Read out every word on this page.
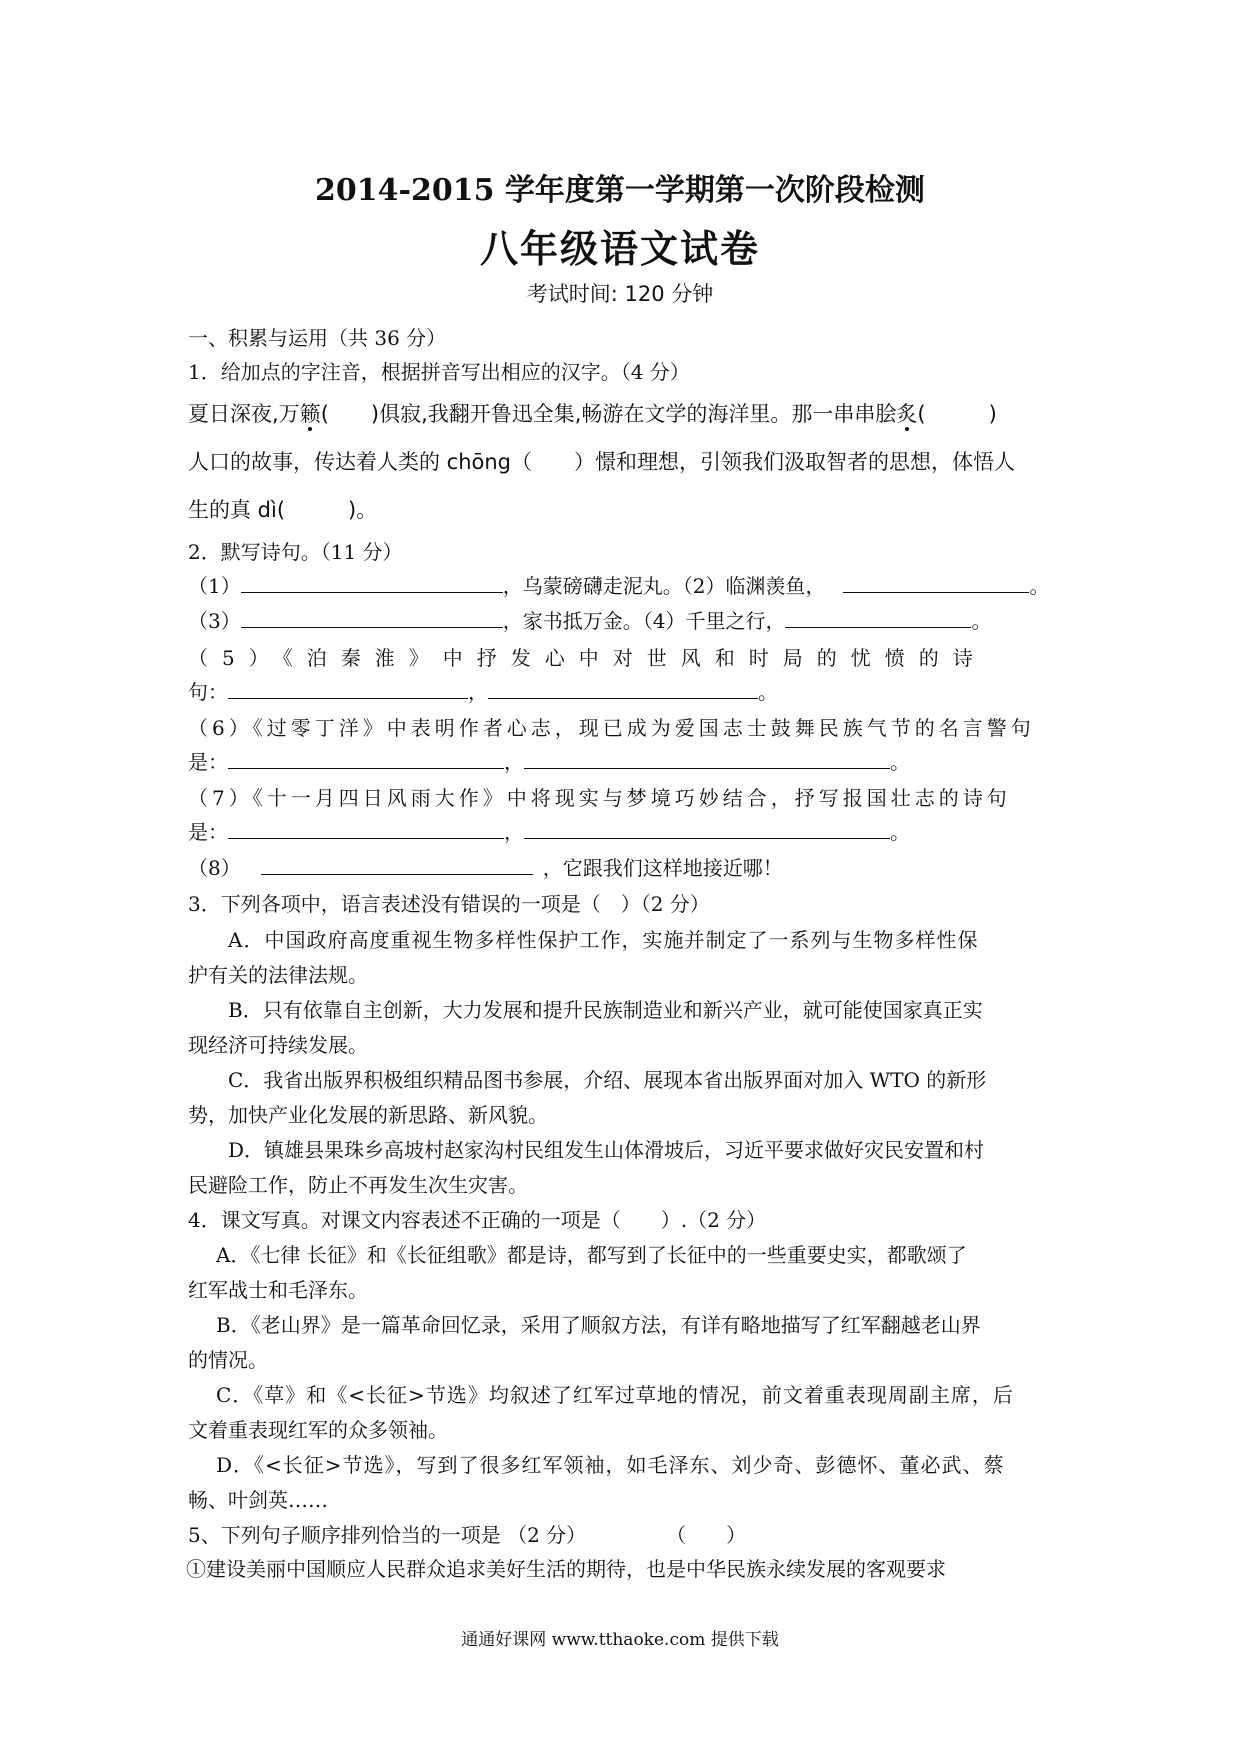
2014-2015 学年度第一学期第一次阶段检测
八年级语文试卷
考试时间: 120 分钟
一、积累与运用（共 36 分）
1．给加点的字注音，根据拼音写出相应的汉字。（4 分）
夏日深夜,万籁(　　)俱寂,我翻开鲁迅全集,畅游在文学的海洋里。那一串串脍炙(　　　)
人口的故事，传达着人类的 chōng（　　）憬和理想，引领我们汲取智者的思想，体悟人
生的真 dì(　　　)。
2．默写诗句。（11 分）
（1）	，乌蒙磅礴走泥丸。（2）临渊羡鱼，	。
（3）	，家书抵万金。（4）千里之行，	。
（5）《泊秦淮》中抒发心中对世风和时局的忧愤的诗
句：	，	。
（6）《过零丁洋》中表明作者心志，现已成为爱国志士鼓舞民族气节的名言警句
是：	，	。
（7）《十一月四日风雨大作》中将现实与梦境巧妙结合，抒写报国壮志的诗句
是：	，	。
（8）	，它跟我们这样地接近哪！
3．下列各项中，语言表述没有错误的一项是（　）（2 分）
A．中国政府高度重视生物多样性保护工作，实施并制定了一系列与生物多样性保
护有关的法律法规。
B．只有依靠自主创新，大力发展和提升民族制造业和新兴产业，就可能使国家真正实
现经济可持续发展。
C．我省出版界积极组织精品图书参展，介绍、展现本省出版界面对加入 WTO 的新形
势，加快产业化发展的新思路、新风貌。
D．镇雄县果珠乡高坡村赵家沟村民组发生山体滑坡后，习近平要求做好灾民安置和村
民避险工作，防止不再发生次生灾害。
4．课文写真。对课文内容表述不正确的一项是（　　）.（2 分）
A．《七律 长征》和《长征组歌》都是诗，都写到了长征中的一些重要史实，都歌颂了
红军战士和毛泽东。
B．《老山界》是一篇革命回忆录，采用了顺叙方法，有详有略地描写了红军翻越老山界
的情况。
C．《草》和《<长征>节选》均叙述了红军过草地的情况，前文着重表现周副主席，后
文着重表现红军的众多领袖。
D．《<长征>节选》，写到了很多红军领袖，如毛泽东、刘少奇、彭德怀、董必武、蔡
畅、叶剑英……
5、下列句子顺序排列恰当的一项是 （2 分）　　　　　（　　）
①建设美丽中国顺应人民群众追求美好生活的期待，也是中华民族永续发展的客观要求
通通好课网 www.tthaoke.com 提供下载
